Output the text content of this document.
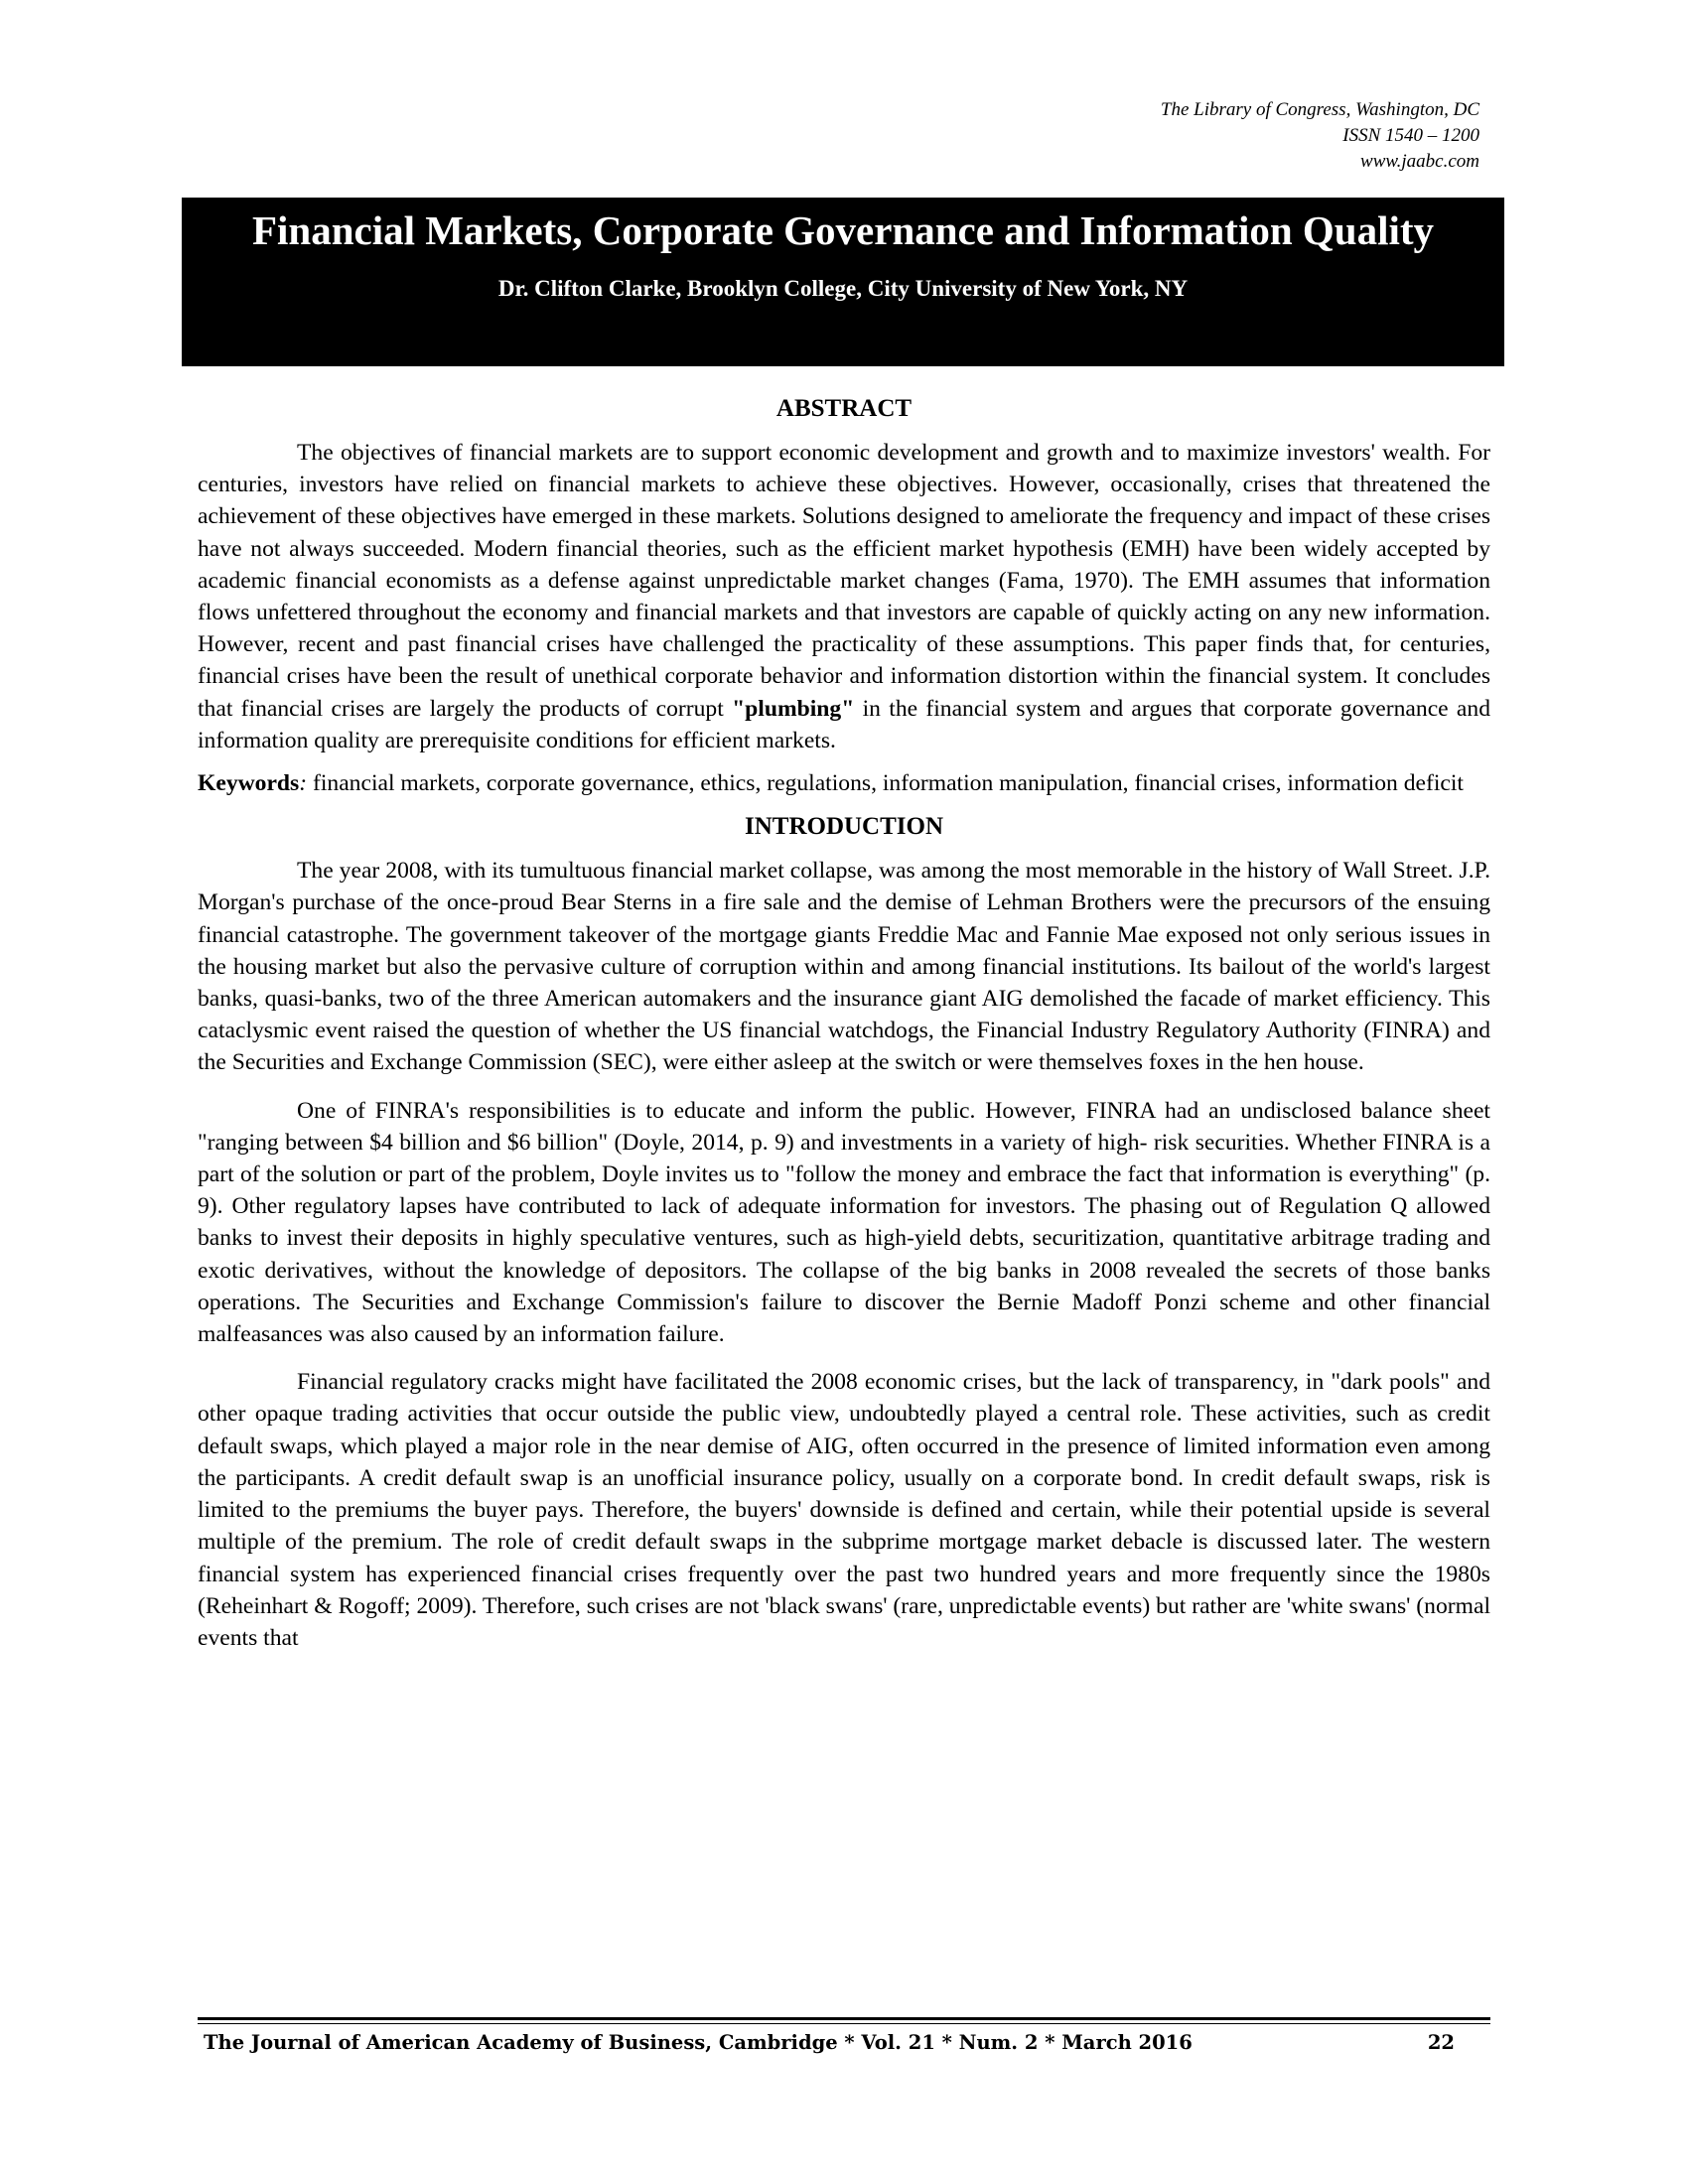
The Library of Congress, Washington, DC
ISSN 1540 – 1200
www.jaabc.com
Financial Markets, Corporate Governance and Information Quality
Dr. Clifton Clarke, Brooklyn College, City University of New York, NY
ABSTRACT

The objectives of financial markets are to support economic development and growth and to maximize investors' wealth. For centuries, investors have relied on financial markets to achieve these objectives. However, occasionally, crises that threatened the achievement of these objectives have emerged in these markets. Solutions designed to ameliorate the frequency and impact of these crises have not always succeeded. Modern financial theories, such as the efficient market hypothesis (EMH) have been widely accepted by academic financial economists as a defense against unpredictable market changes (Fama, 1970). The EMH assumes that information flows unfettered throughout the economy and financial markets and that investors are capable of quickly acting on any new information. However, recent and past financial crises have challenged the practicality of these assumptions. This paper finds that, for centuries, financial crises have been the result of unethical corporate behavior and information distortion within the financial system. It concludes that financial crises are largely the products of corrupt "plumbing" in the financial system and argues that corporate governance and information quality are prerequisite conditions for efficient markets.

Keywords: financial markets, corporate governance, ethics, regulations, information manipulation, financial crises, information deficit

INTRODUCTION

The year 2008, with its tumultuous financial market collapse, was among the most memorable in the history of Wall Street. J.P. Morgan's purchase of the once-proud Bear Sterns in a fire sale and the demise of Lehman Brothers were the precursors of the ensuing financial catastrophe. The government takeover of the mortgage giants Freddie Mac and Fannie Mae exposed not only serious issues in the housing market but also the pervasive culture of corruption within and among financial institutions. Its bailout of the world's largest banks, quasi-banks, two of the three American automakers and the insurance giant AIG demolished the facade of market efficiency. This cataclysmic event raised the question of whether the US financial watchdogs, the Financial Industry Regulatory Authority (FINRA) and the Securities and Exchange Commission (SEC), were either asleep at the switch or were themselves foxes in the hen house.

One of FINRA's responsibilities is to educate and inform the public. However, FINRA had an undisclosed balance sheet "ranging between $4 billion and $6 billion" (Doyle, 2014, p. 9) and investments in a variety of high- risk securities. Whether FINRA is a part of the solution or part of the problem, Doyle invites us to "follow the money and embrace the fact that information is everything" (p. 9). Other regulatory lapses have contributed to lack of adequate information for investors. The phasing out of Regulation Q allowed banks to invest their deposits in highly speculative ventures, such as high-yield debts, securitization, quantitative arbitrage trading and exotic derivatives, without the knowledge of depositors. The collapse of the big banks in 2008 revealed the secrets of those banks operations. The Securities and Exchange Commission's failure to discover the Bernie Madoff Ponzi scheme and other financial malfeasances was also caused by an information failure.

Financial regulatory cracks might have facilitated the 2008 economic crises, but the lack of transparency, in "dark pools" and other opaque trading activities that occur outside the public view, undoubtedly played a central role. These activities, such as credit default swaps, which played a major role in the near demise of AIG, often occurred in the presence of limited information even among the participants. A credit default swap is an unofficial insurance policy, usually on a corporate bond. In credit default swaps, risk is limited to the premiums the buyer pays. Therefore, the buyers' downside is defined and certain, while their potential upside is several multiple of the premium. The role of credit default swaps in the subprime mortgage market debacle is discussed later. The western financial system has experienced financial crises frequently over the past two hundred years and more frequently since the 1980s (Reheinhart & Rogoff; 2009). Therefore, such crises are not 'black swans' (rare, unpredictable events) but rather are 'white swans' (normal events that

The Journal of American Academy of Business, Cambridge * Vol. 21 * Num. 2 * March 2016	22
